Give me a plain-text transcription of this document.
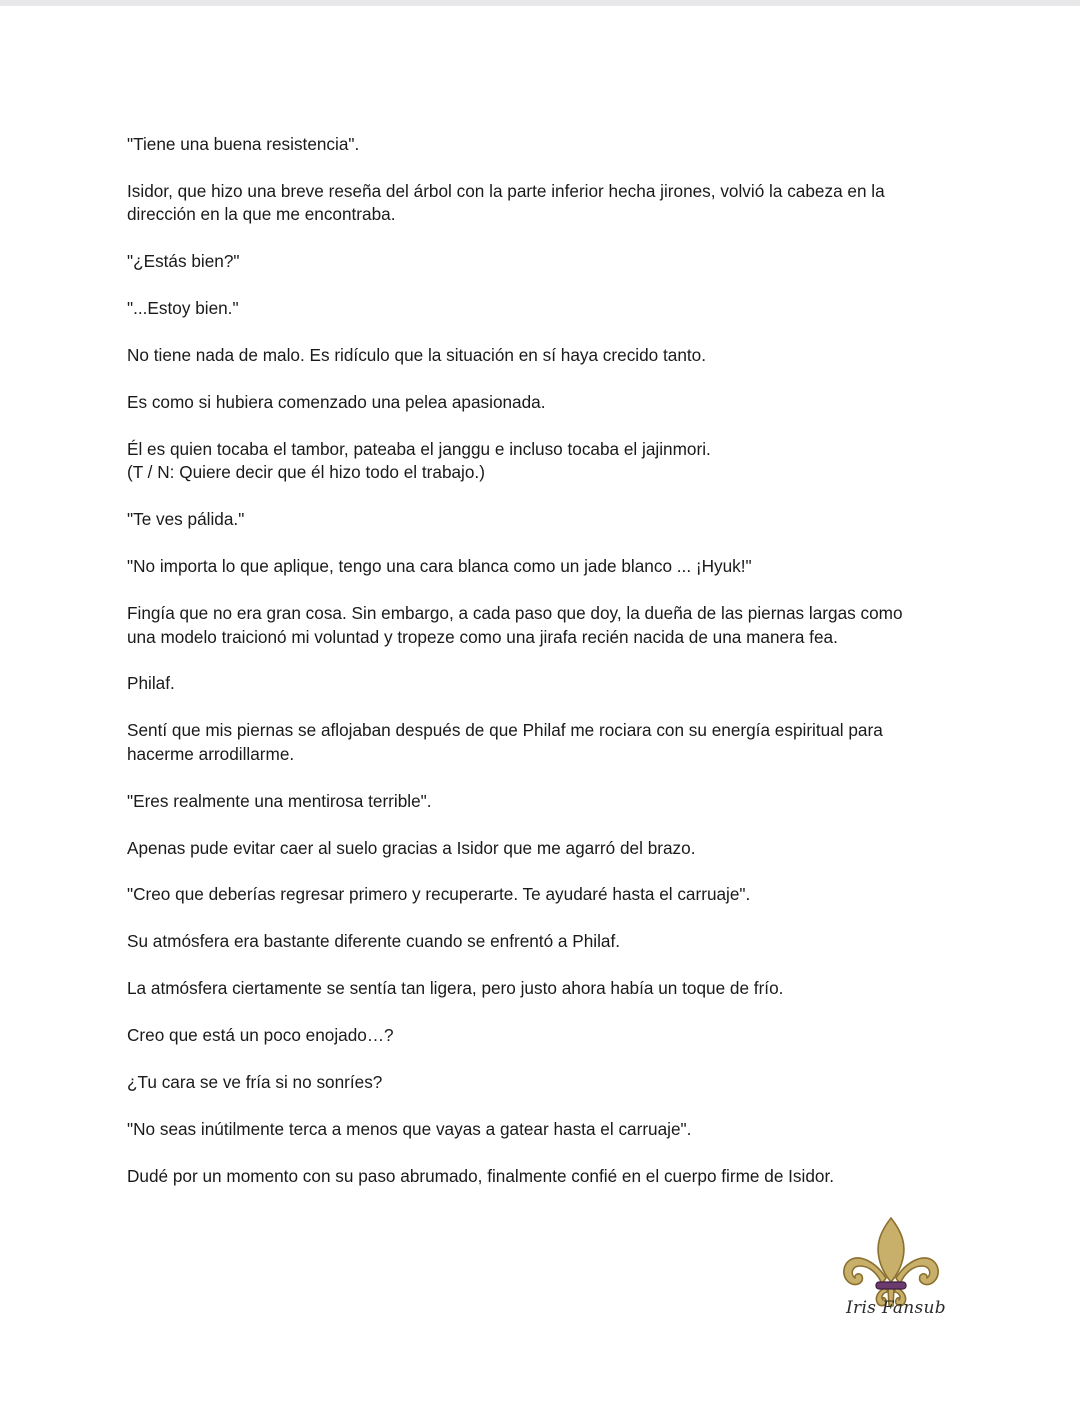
"Tiene una buena resistencia".

Isidor, que hizo una breve reseña del árbol con la parte inferior hecha jirones, volvió la cabeza en la
dirección en la que me encontraba.

"¿Estás bien?"

"...Estoy bien."

No tiene nada de malo. Es ridículo que la situación en sí haya crecido tanto.

Es como si hubiera comenzado una pelea apasionada.

Él es quien tocaba el tambor, pateaba el janggu e incluso tocaba el jajinmori.
(T / N: Quiere decir que él hizo todo el trabajo.)

"Te ves pálida."

"No importa lo que aplique, tengo una cara blanca como un jade blanco ... ¡Hyuk!"

Fingía que no era gran cosa. Sin embargo, a cada paso que doy, la dueña de las piernas largas como
una modelo traicionó mi voluntad y tropeze como una jirafa recién nacida de una manera fea.

Philaf.

Sentí que mis piernas se aflojaban después de que Philaf me rociara con su energía espiritual para
hacerme arrodillarme.

"Eres realmente una mentirosa terrible".

Apenas pude evitar caer al suelo gracias a Isidor que me agarró del brazo.

"Creo que deberías regresar primero y recuperarte. Te ayudaré hasta el carruaje".

Su atmósfera era bastante diferente cuando se enfrentó a Philaf.

La atmósfera ciertamente se sentía tan ligera, pero justo ahora había un toque de frío.

Creo que está un poco enojado…?

¿Tu cara se ve fría si no sonríes?

"No seas inútilmente terca a menos que vayas a gatear hasta el carruaje".

Dudé por un momento con su paso abrumado, finalmente confié en el cuerpo firme de Isidor.

Iris Fansub
